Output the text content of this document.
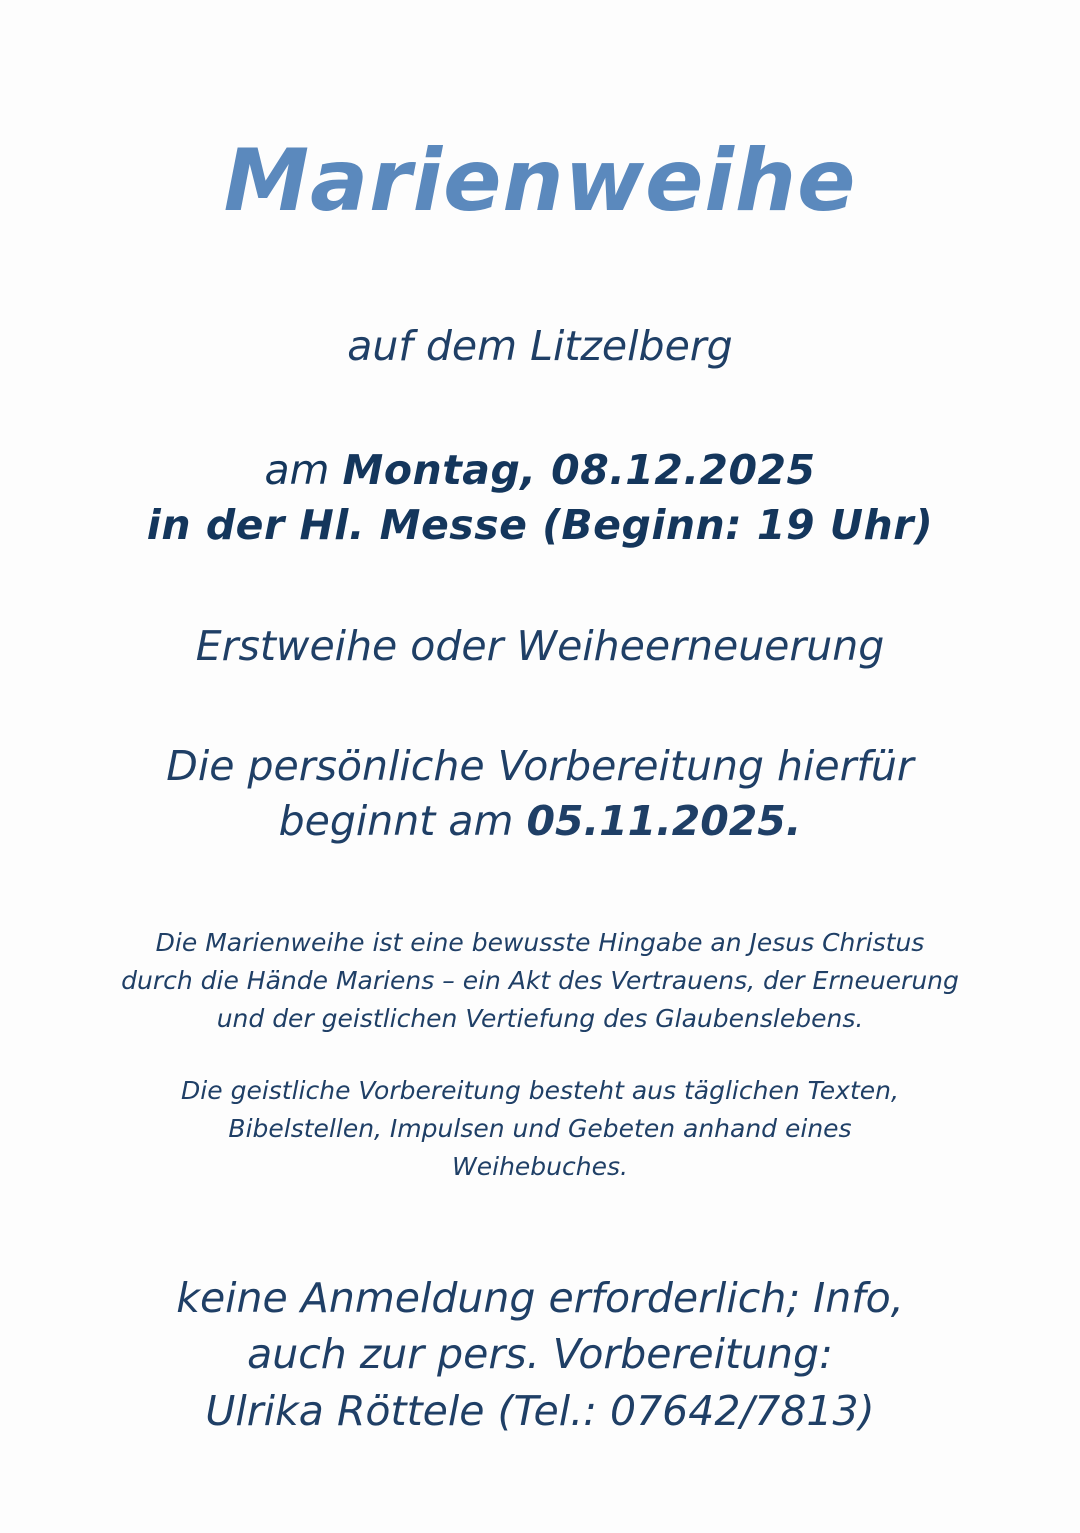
Marienweihe
auf dem Litzelberg
am Montag, 08.12.2025
in der Hl. Messe (Beginn: 19 Uhr)
Erstweihe oder Weiheerneuerung
Die persönliche Vorbereitung hierfür
beginnt am 05.11.2025.

Die Marienweihe ist eine bewusste Hingabe an Jesus Christus durch die Hände Mariens – ein Akt des Vertrauens, der Erneuerung und der geistlichen Vertiefung des Glaubenslebens.

Die geistliche Vorbereitung besteht aus täglichen Texten, Bibelstellen, Impulsen und Gebeten anhand eines Weihebuches.

keine Anmeldung erforderlich; Info,
auch zur pers. Vorbereitung:
Ulrika Röttele (Tel.: 07642/7813)
